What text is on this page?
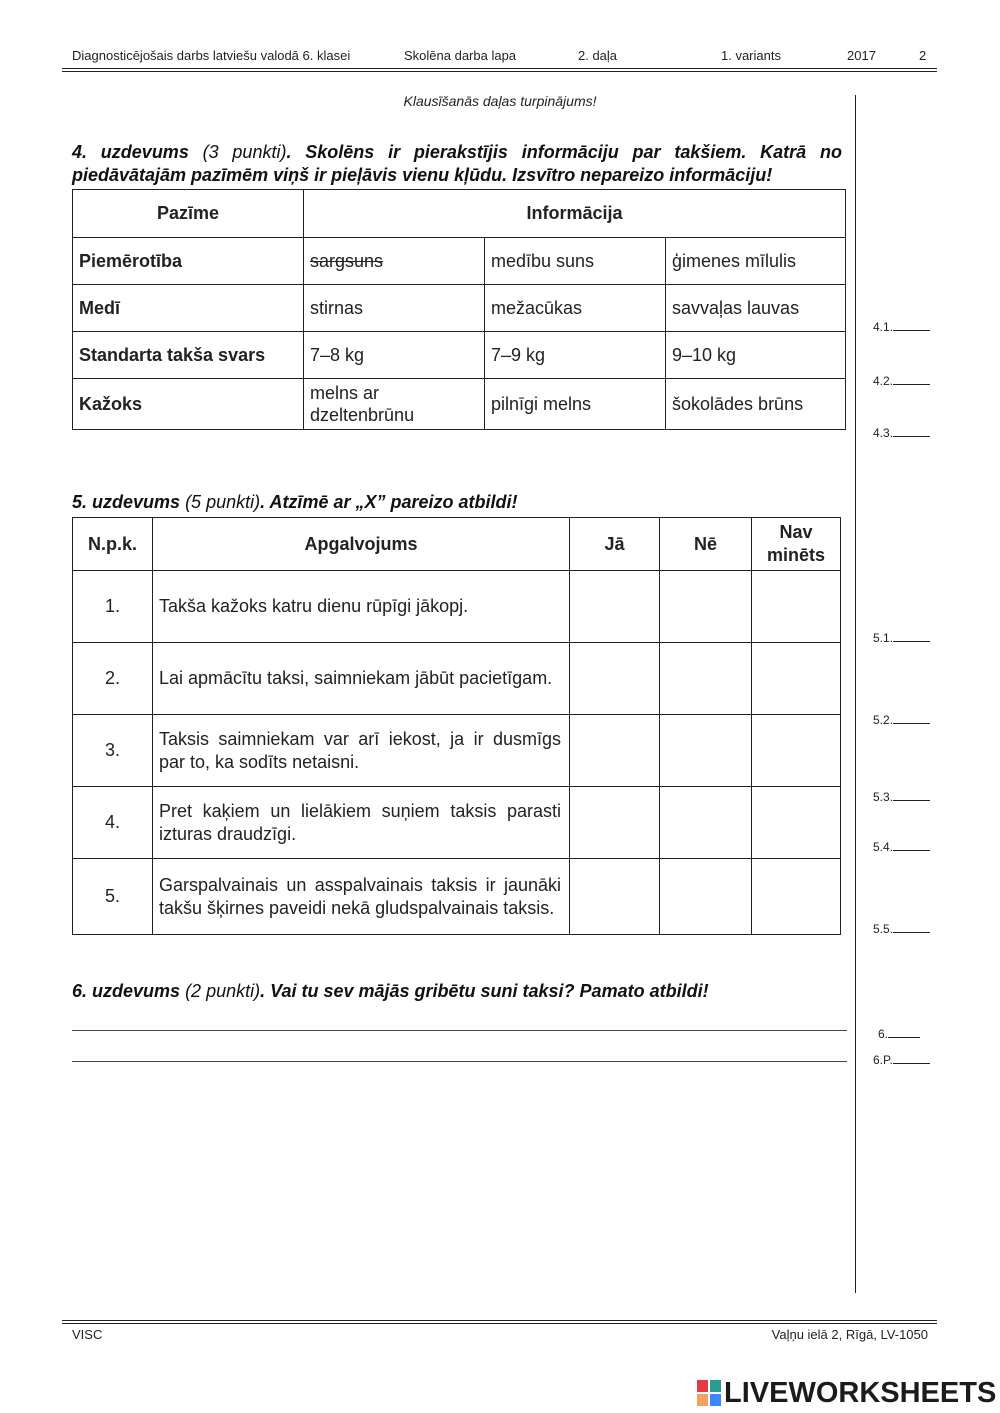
Diagnosticējošais darbs latviešu valodā 6. klasei	Skolēna darba lapa	2. daļa	1. variants	2017	2
Klausīšanās daļas turpinājums!
4. uzdevums (3 punkti). Skolēns ir pierakstījis informāciju par takšiem. Katrā no piedāvātajām pazīmēm viņš ir pieļāvis vienu kļūdu. Izsvītro nepareizo informāciju!
Pazīme	Informācija		
Piemērotība	sargsuns	medību suns	ģimenes mīlulis
Medī	stirnas	mežacūkas	savvaļas lauvas
Standarta takša svars	7–8 kg	7–9 kg	9–10 kg
Kažoks	melns ar dzeltenbrūnu	pilnīgi melns	šokolādes brūns
5. uzdevums (5 punkti). Atzīmē ar „X” pareizo atbildi!
N.p.k.	Apgalvojums	Jā	Nē	Nav minēts
1.	Takša kažoks katru dienu rūpīgi jākopj.			
2.	Lai apmācītu taksi, saimniekam jābūt pacietīgam.			
3.	Taksis saimniekam var arī iekost, ja ir dusmīgs par to, ka sodīts netaisni.			
4.	Pret kaķiem un lielākiem suņiem taksis parasti izturas draudzīgi.			
5.	Garspalvainais un asspalvainais taksis ir jaunāki takšu šķirnes paveidi nekā gludspalvainais taksis.			
6. uzdevums (2 punkti). Vai tu sev mājās gribētu suni taksi? Pamato atbildi!
4.1.
4.2.
4.3.
5.1.
5.2.
5.3.
5.4.
5.5.
6.
6.P.
VISC	Vaļņu ielā 2, Rīgā, LV-1050
LIVEWORKSHEETS
